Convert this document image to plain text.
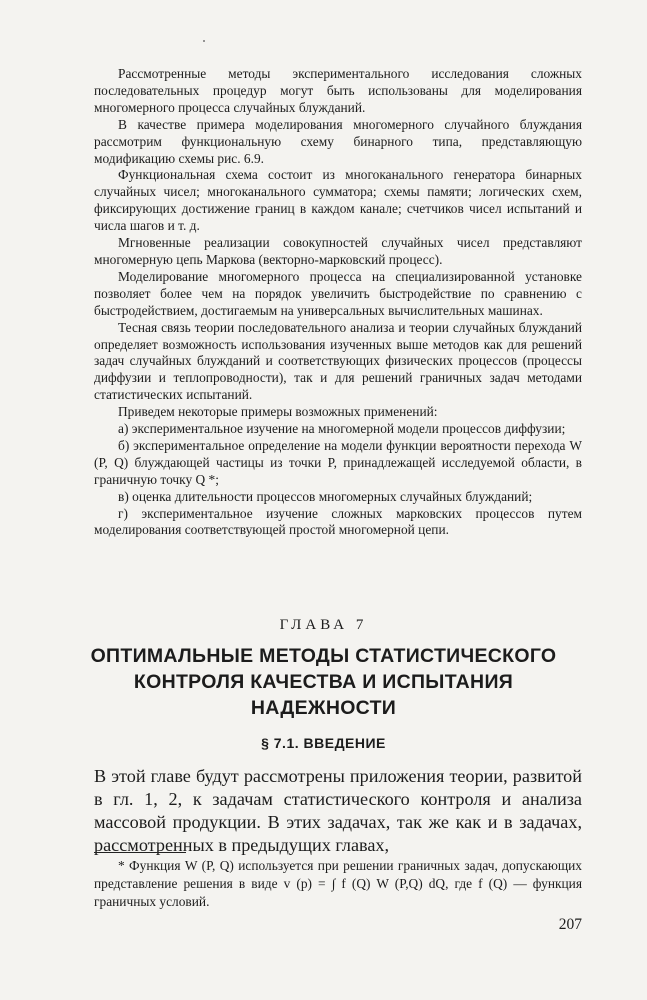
Рассмотренные методы экспериментального исследования сложных последовательных процедур могут быть использованы для моделирования многомерного процесса случайных блужданий.

В качестве примера моделирования многомерного случайного блуждания рассмотрим функциональную схему бинарного типа, представляющую модификацию схемы рис. 6.9.

Функциональная схема состоит из многоканального генератора бинарных случайных чисел; многоканального сумматора; схемы памяти; логических схем, фиксирующих достижение границ в каждом канале; счетчиков чисел испытаний и числа шагов и т. д.

Мгновенные реализации совокупностей случайных чисел представляют многомерную цепь Маркова (векторно-марковский процесс).

Моделирование многомерного процесса на специализированной установке позволяет более чем на порядок увеличить быстродействие по сравнению с быстродействием, достигаемым на универсальных вычислительных машинах.

Тесная связь теории последовательного анализа и теории случайных блужданий определяет возможность использования изученных выше методов как для решений задач случайных блужданий и соответствующих физических процессов (процессы диффузии и теплопроводности), так и для решений граничных задач методами статистических испытаний.

Приведем некоторые примеры возможных применений:

а) экспериментальное изучение на многомерной модели процессов диффузии;

б) экспериментальное определение на модели функции вероятности перехода W (P, Q) блуждающей частицы из точки P, принадлежащей исследуемой области, в граничную точку Q *;

в) оценка длительности процессов многомерных случайных блужданий;

г) экспериментальное изучение сложных марковских процессов путем моделирования соответствующей простой многомерной цепи.

ГЛАВА 7
ОПТИМАЛЬНЫЕ МЕТОДЫ СТАТИСТИЧЕСКОГО
КОНТРОЛЯ КАЧЕСТВА И ИСПЫТАНИЯ
НАДЕЖНОСТИ
§ 7.1. ВВЕДЕНИЕ

В этой главе будут рассмотрены приложения теории, развитой в гл. 1, 2, к задачам статистического контроля и анализа массовой продукции. В этих задачах, так же как и в задачах, рассмотренных в предыдущих главах,

* Функция W (P, Q) используется при решении граничных задач, допускающих представление решения в виде v (p) = ∫ f (Q) W (P,Q) dQ, где f (Q) — функция граничных условий.

207
